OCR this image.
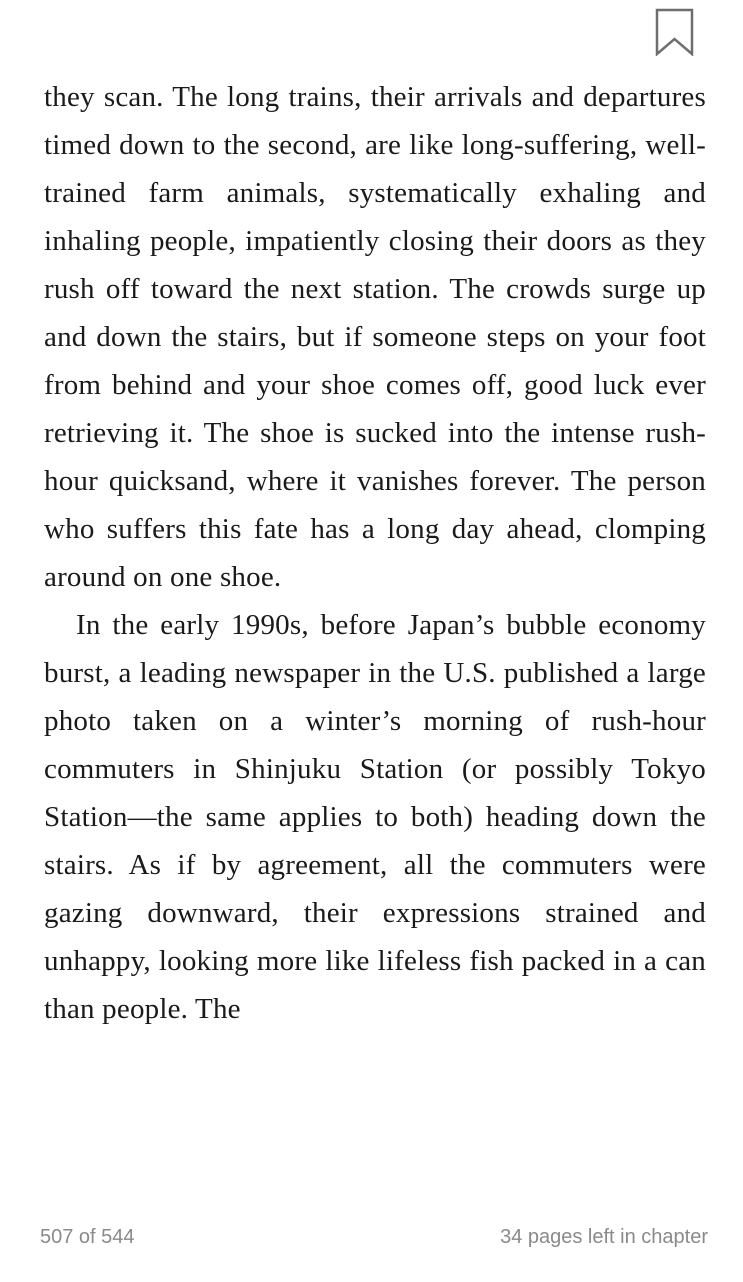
they scan. The long trains, their arrivals and departures timed down to the second, are like long-suffering, well-trained farm animals, systematically exhaling and inhaling people, impatiently closing their doors as they rush off toward the next station. The crowds surge up and down the stairs, but if someone steps on your foot from behind and your shoe comes off, good luck ever retrieving it. The shoe is sucked into the intense rush-hour quicksand, where it vanishes forever. The person who suffers this fate has a long day ahead, clomping around on one shoe.

In the early 1990s, before Japan’s bubble economy burst, a leading newspaper in the U.S. published a large photo taken on a winter’s morning of rush-hour commuters in Shinjuku Station (or possibly Tokyo Station—the same applies to both) heading down the stairs. As if by agreement, all the commuters were gazing downward, their expressions strained and unhappy, looking more like lifeless fish packed in a can than people. The

507 of 544	34 pages left in chapter
